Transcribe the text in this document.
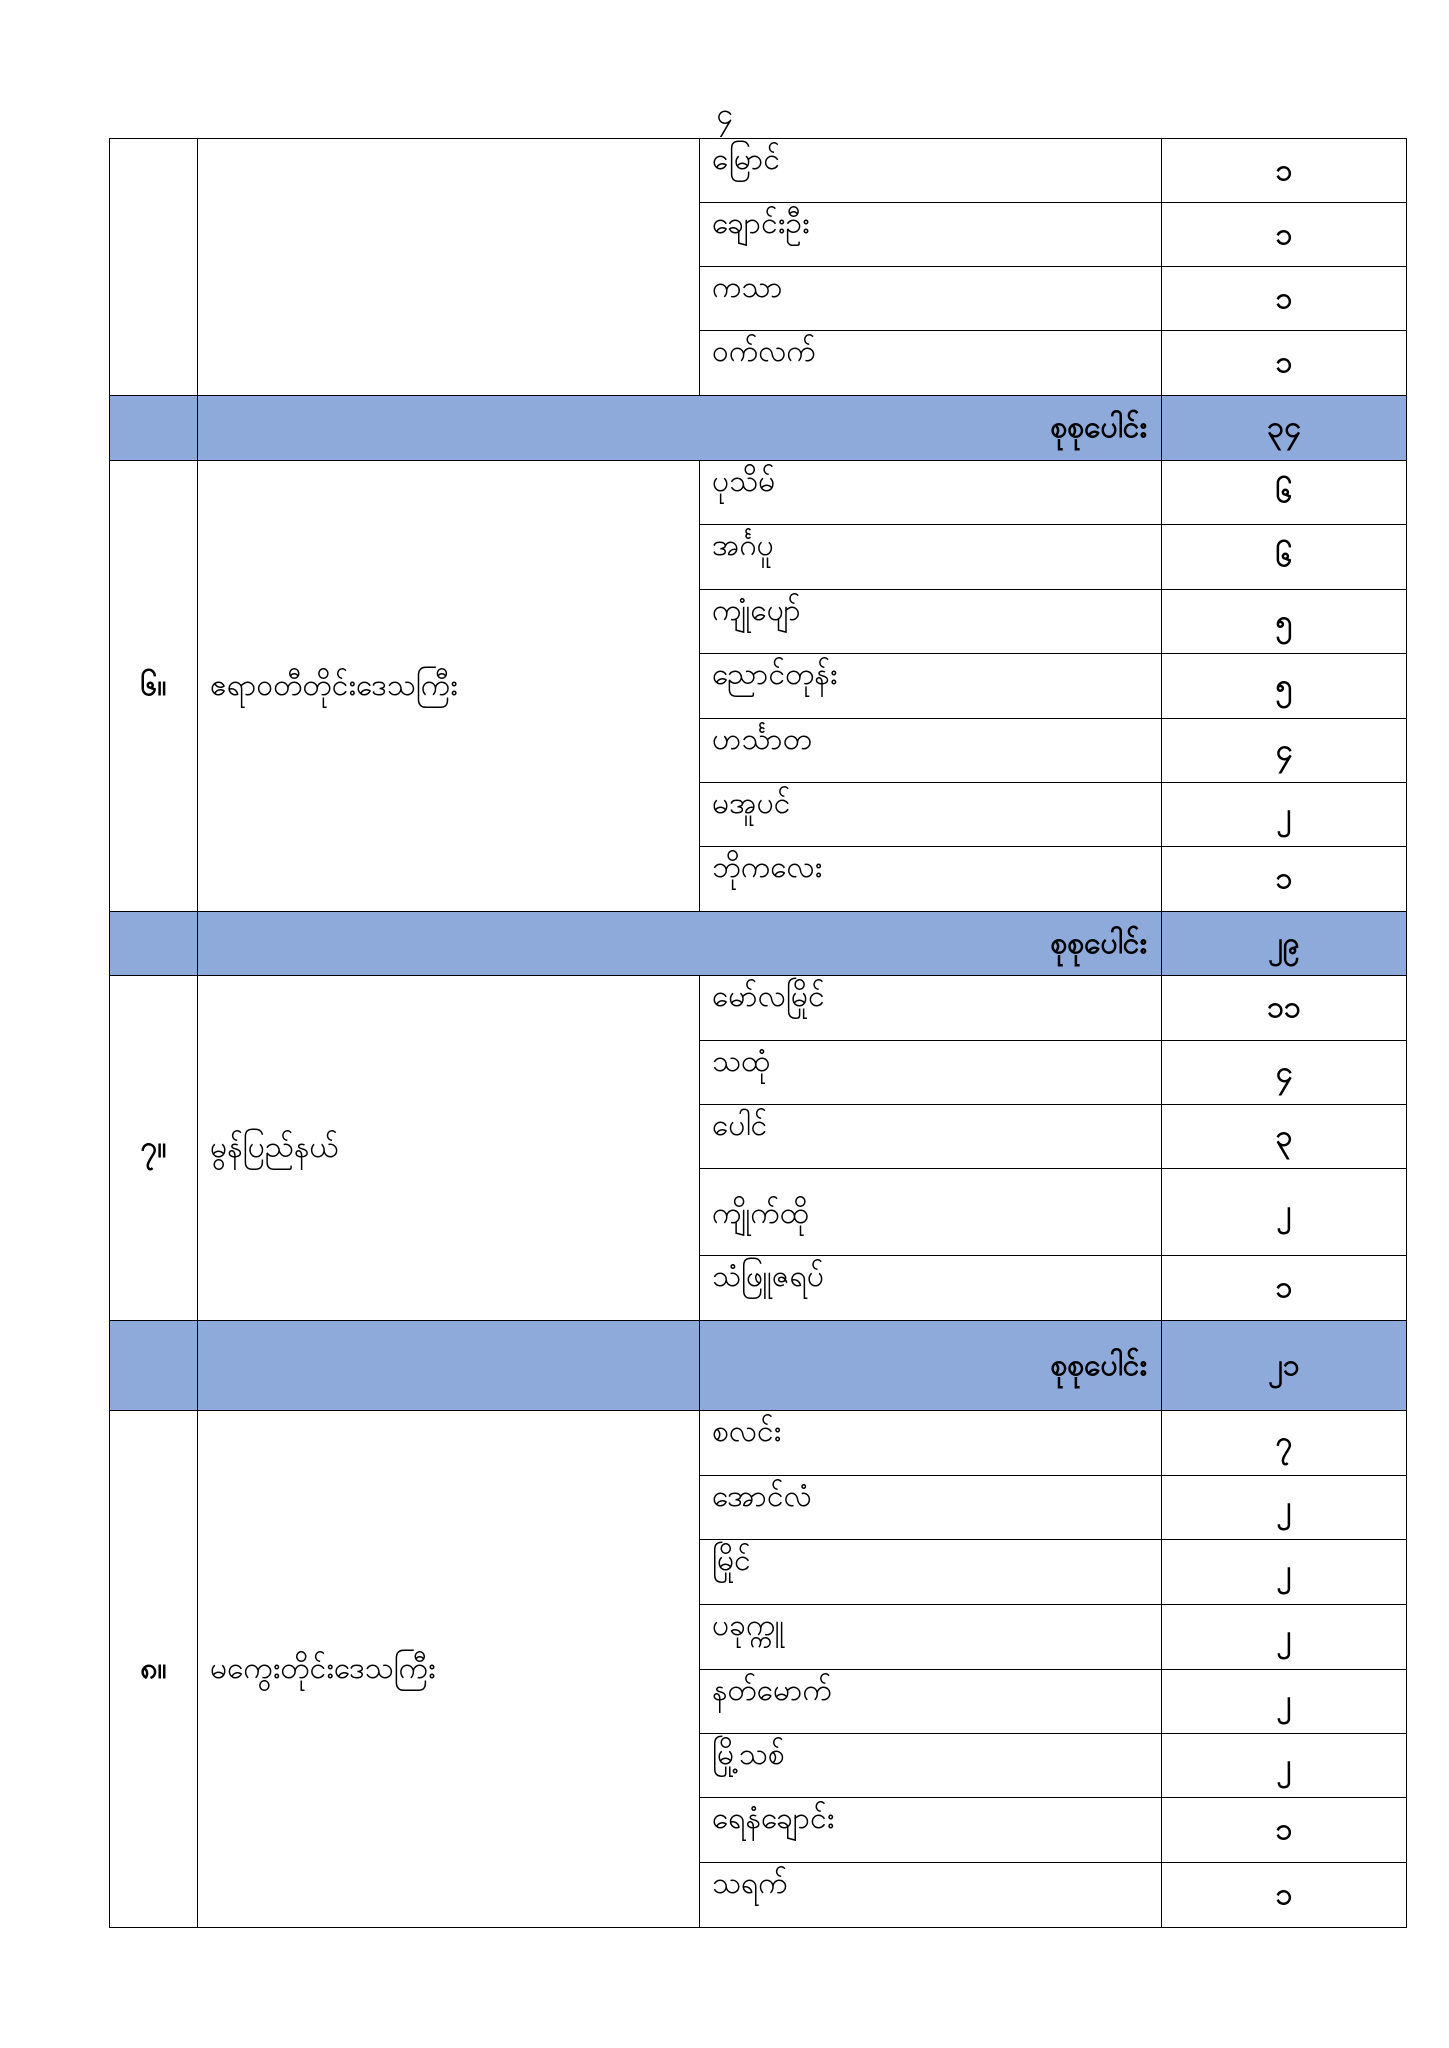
၄
		မြောင်	၁
		ချောင်းဦး	၁
		ကသာ	၁
		ဝက်လက်	၁
	စုစုပေါင်း		၃၄
၆။	ဧရာဝတီတိုင်းဒေသကြီး	ပုသိမ်	၆
		အင်္ဂပူ	၆
		ကျုံပျော်	၅
		ညောင်တုန်း	၅
		ဟင်္သာတ	၄
		မအူပင်	၂
		ဘိုကလေး	၁
	စုစုပေါင်း		၂၉
၇။	မွန်ပြည်နယ်	မော်လမြိုင်	၁၁
		သထုံ	၄
		ပေါင်	၃
		ကျိုက်ထို	၂
		သံဖြူဇရပ်	၁
		စုစုပေါင်း	၂၁
၈။	မကွေးတိုင်းဒေသကြီး	စလင်း	၇
		အောင်လံ	၂
		မြိုင်	၂
		ပခုက္ကူ	၂
		နတ်မောက်	၂
		မြို့သစ်	၂
		ရေနံချောင်း	၁
		သရက်	၁
